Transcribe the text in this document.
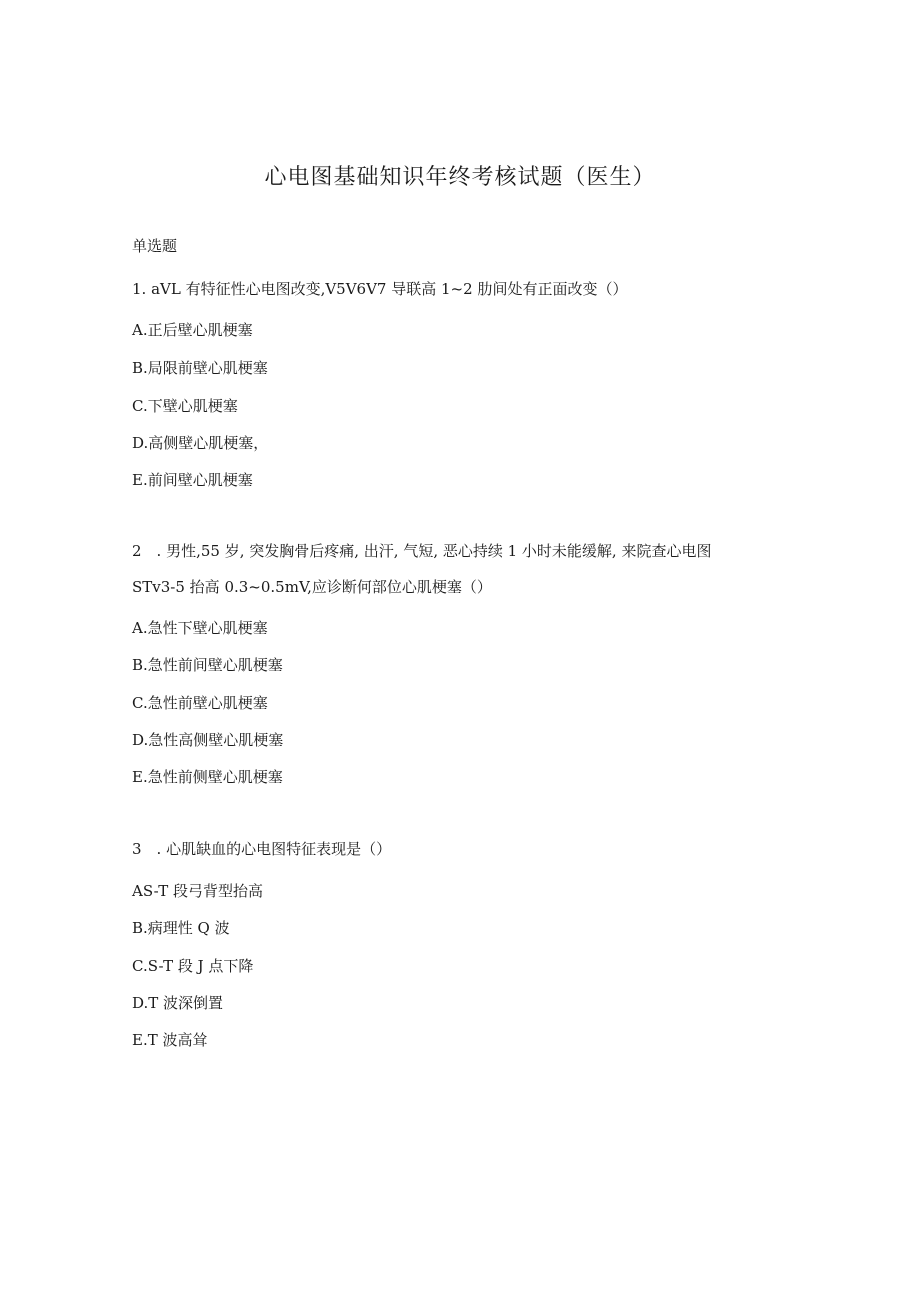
心电图基础知识年终考核试题（医生）
单选题
1. aVL 有特征性心电图改变,V5V6V7 导联高 1~2 肋间处有正面改变（）
A.正后壁心肌梗塞
B.局限前壁心肌梗塞
C.下壁心肌梗塞
D.高侧壁心肌梗塞，
E.前间壁心肌梗塞
2　. 男性,55 岁, 突发胸骨后疼痛, 出汗, 气短, 恶心持续 1 小时未能缓解, 来院查心电图
STv3-5 抬高 0.3~0.5mV,应诊断何部位心肌梗塞（）
A.急性下壁心肌梗塞
B.急性前间壁心肌梗塞
C.急性前壁心肌梗塞
D.急性高侧壁心肌梗塞
E.急性前侧壁心肌梗塞
3　. 心肌缺血的心电图特征表现是（）
AS-T 段弓背型抬高
B.病理性 Q 波
C.S-T 段 J 点下降
D.T 波深倒置
E.T 波高耸
